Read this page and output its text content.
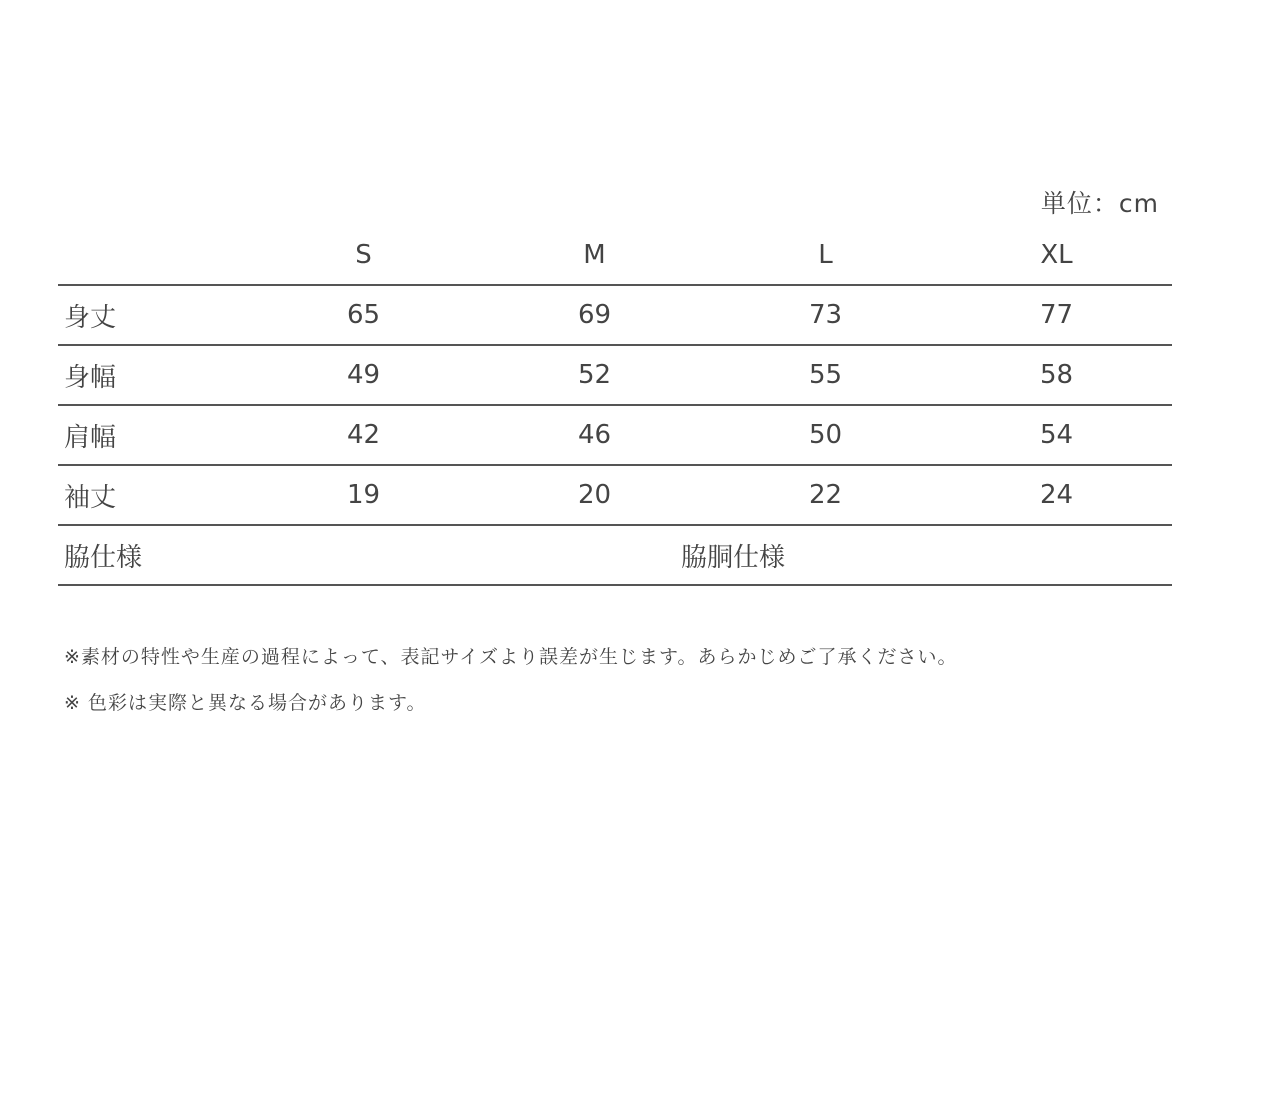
単位：cm
	S	M	L	XL
身丈	65	69	73	77
身幅	49	52	55	58
肩幅	42	46	50	54
袖丈	19	20	22	24
脇仕様	脇胴仕様			
※素材の特性や生産の過程によって、表記サイズより誤差が生じます。あらかじめご了承ください。
※ 色彩は実際と異なる場合があります。
